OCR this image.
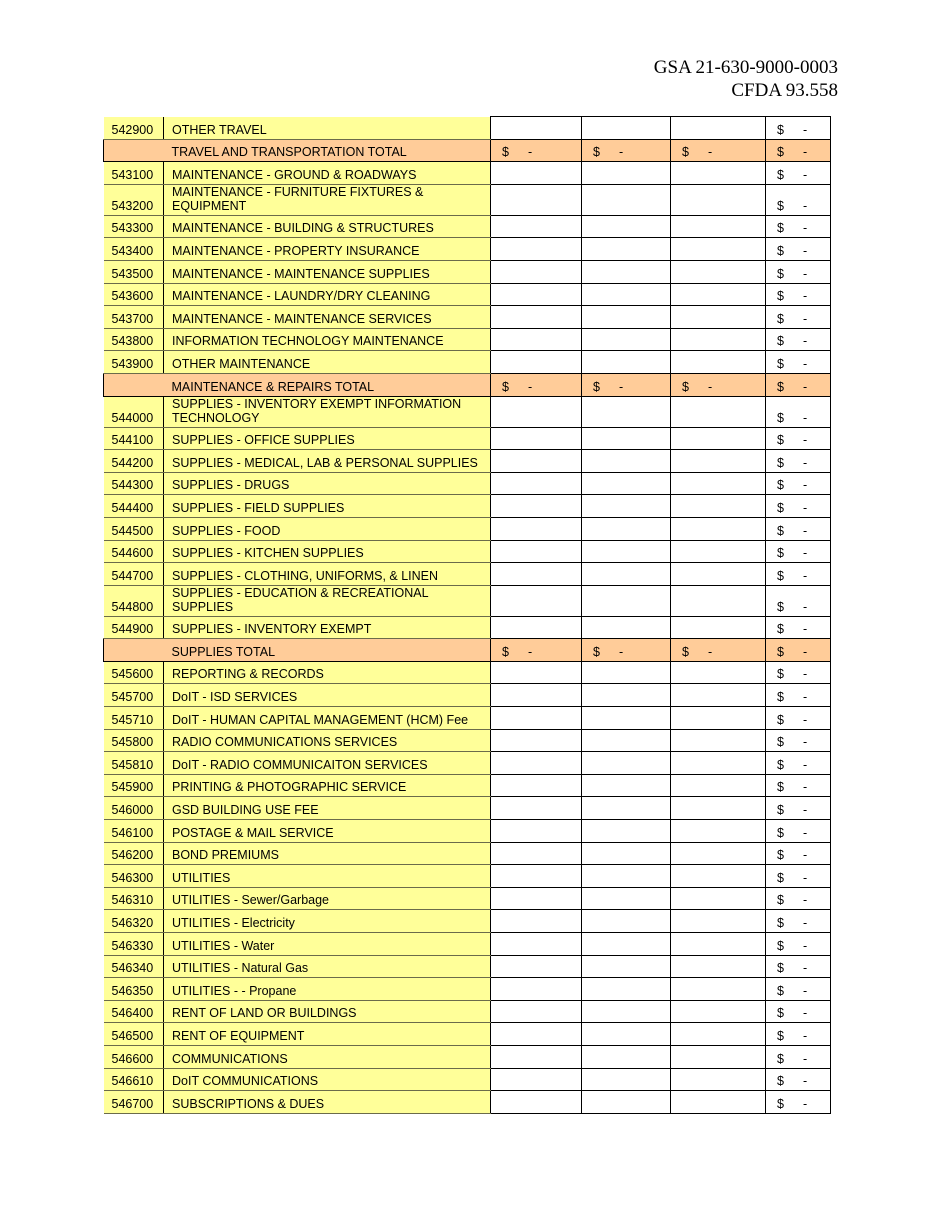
GSA 21-630-9000-0003
CFDA 93.558
542900	OTHER TRAVEL				$ -
	TRAVEL AND TRANSPORTATION TOTAL	$ -	$ -	$ -	$ -
543100	MAINTENANCE - GROUND & ROADWAYS				$ -
543200	MAINTENANCE - FURNITURE FIXTURES & EQUIPMENT				$ -
543300	MAINTENANCE - BUILDING & STRUCTURES				$ -
543400	MAINTENANCE - PROPERTY INSURANCE				$ -
543500	MAINTENANCE - MAINTENANCE SUPPLIES				$ -
543600	MAINTENANCE - LAUNDRY/DRY CLEANING				$ -
543700	MAINTENANCE - MAINTENANCE SERVICES				$ -
543800	INFORMATION TECHNOLOGY MAINTENANCE				$ -
543900	OTHER MAINTENANCE				$ -
	MAINTENANCE & REPAIRS TOTAL	$ -	$ -	$ -	$ -
544000	SUPPLIES - INVENTORY EXEMPT INFORMATION TECHNOLOGY				$ -
544100	SUPPLIES - OFFICE SUPPLIES				$ -
544200	SUPPLIES - MEDICAL, LAB & PERSONAL SUPPLIES				$ -
544300	SUPPLIES - DRUGS				$ -
544400	SUPPLIES - FIELD SUPPLIES				$ -
544500	SUPPLIES - FOOD				$ -
544600	SUPPLIES - KITCHEN SUPPLIES				$ -
544700	SUPPLIES - CLOTHING, UNIFORMS, & LINEN				$ -
544800	SUPPLIES - EDUCATION & RECREATIONAL SUPPLIES				$ -
544900	SUPPLIES - INVENTORY EXEMPT				$ -
	SUPPLIES TOTAL	$ -	$ -	$ -	$ -
545600	REPORTING & RECORDS				$ -
545700	DoIT - ISD SERVICES				$ -
545710	DoIT - HUMAN CAPITAL MANAGEMENT (HCM) Fee				$ -
545800	RADIO COMMUNICATIONS SERVICES				$ -
545810	DoIT - RADIO COMMUNICAITON SERVICES				$ -
545900	PRINTING & PHOTOGRAPHIC SERVICE				$ -
546000	GSD BUILDING USE FEE				$ -
546100	POSTAGE & MAIL SERVICE				$ -
546200	BOND PREMIUMS				$ -
546300	UTILITIES				$ -
546310	UTILITIES - Sewer/Garbage				$ -
546320	UTILITIES - Electricity				$ -
546330	UTILITIES - Water				$ -
546340	UTILITIES - Natural Gas				$ -
546350	UTILITIES - - Propane				$ -
546400	RENT OF LAND OR BUILDINGS				$ -
546500	RENT OF EQUIPMENT				$ -
546600	COMMUNICATIONS				$ -
546610	DoIT COMMUNICATIONS				$ -
546700	SUBSCRIPTIONS & DUES				$ -
